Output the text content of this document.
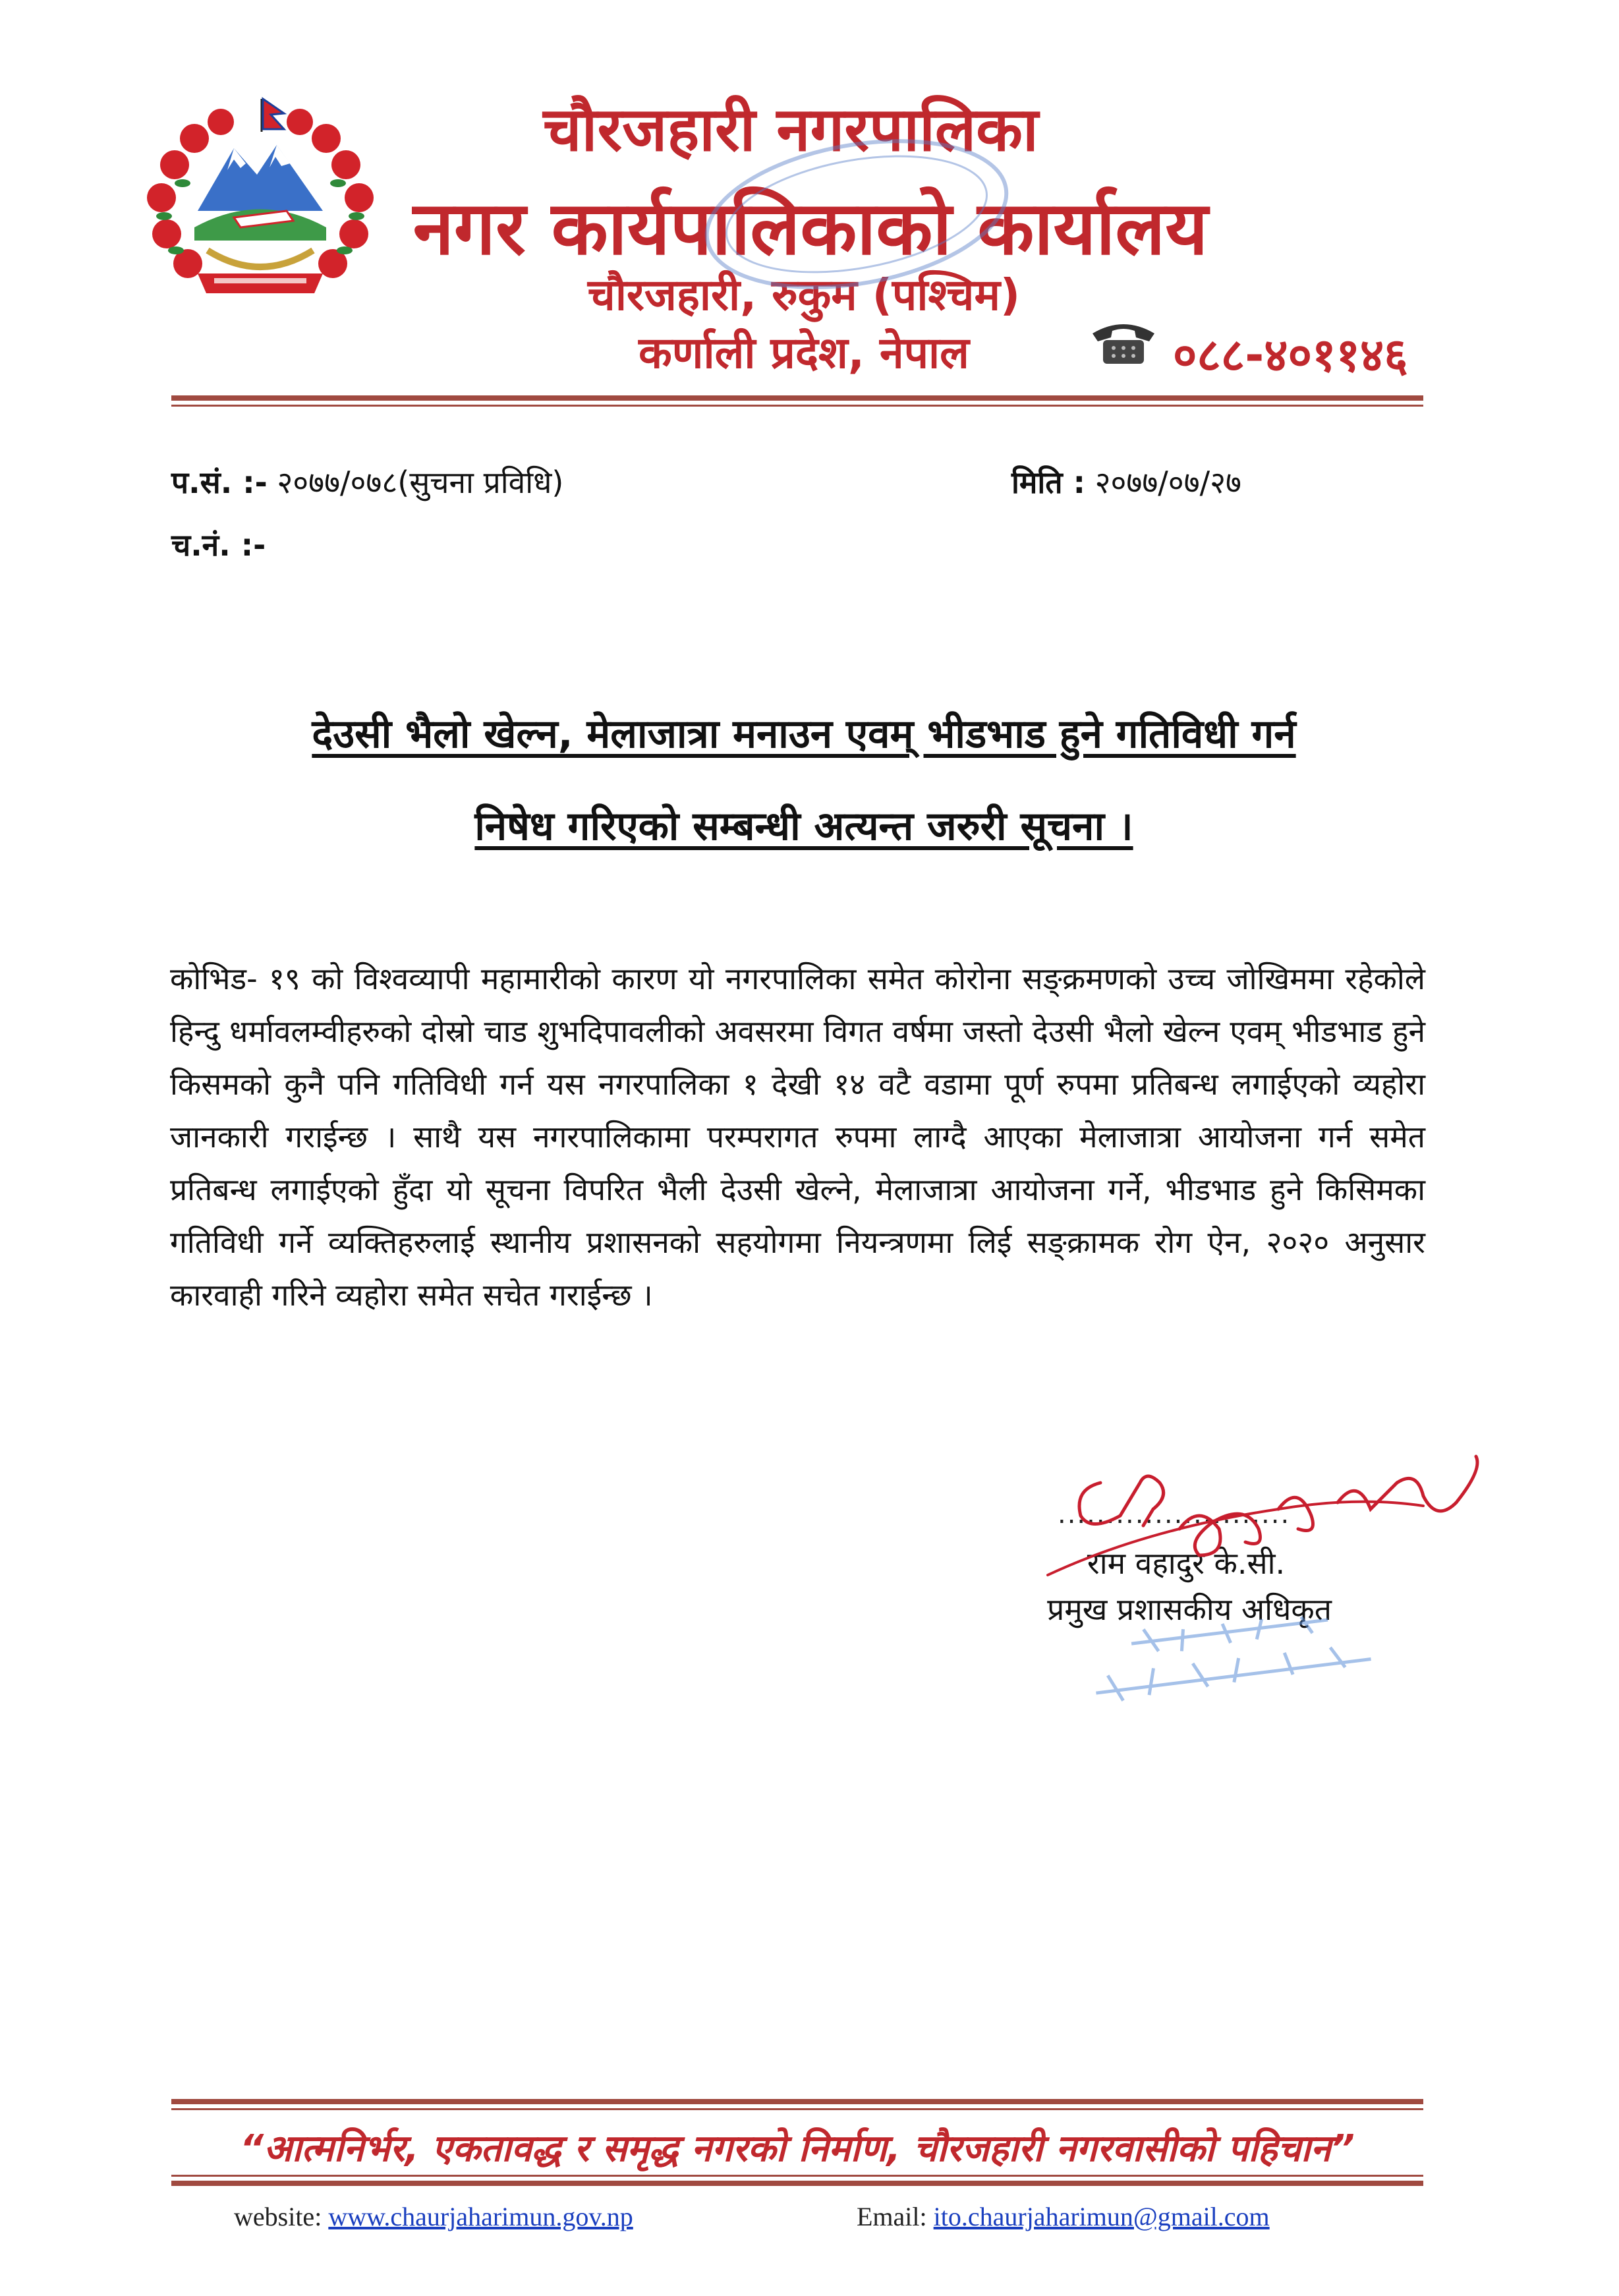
चौरजहारी नगरपालिका
नगर कार्यपालिकाको कार्यालय
चौरजहारी, रुकुम (पश्चिम)
कर्णाली प्रदेश, नेपाल	०८८-४०११४६
प.सं. :- २०७७/०७८(सुचना प्रविधि)	मिति : २०७७/०७/२७
च.नं. :-
देउसी भैलो खेल्न, मेलाजात्रा मनाउन एवम् भीडभाड हुने गतिविधी गर्न
निषेध गरिएको सम्बन्धी अत्यन्त जरुरी सूचना ।
कोभिड- १९ को विश्वव्यापी महामारीको कारण यो नगरपालिका समेत कोरोना सङ्क्रमणको उच्च जोखिममा रहेकोले हिन्दु धर्मावलम्वीहरुको दोस्रो चाड शुभदिपावलीको अवसरमा विगत वर्षमा जस्तो देउसी भैलो खेल्न एवम् भीडभाड हुने किसमको कुनै पनि गतिविधी गर्न यस नगरपालिका १ देखी १४ वटै वडामा पूर्ण रुपमा प्रतिबन्ध लगाईएको व्यहोरा जानकारी गराईन्छ । साथै यस नगरपालिकामा परम्परागत रुपमा लाग्दै आएका मेलाजात्रा आयोजना गर्न समेत प्रतिबन्ध लगाईएको हुँदा यो सूचना विपरित भैली देउसी खेल्ने, मेलाजात्रा आयोजना गर्ने, भीडभाड हुने किसिमका गतिविधी गर्ने व्यक्तिहरुलाई स्थानीय प्रशासनको सहयोगमा नियन्त्रणमा लिई सङ्क्रामक रोग ऐन, २०२० अनुसार कारवाही गरिने व्यहोरा समेत सचेत गराईन्छ ।
........................
राम वहादुर के.सी.
प्रमुख प्रशासकीय अधिकृत
“आत्मनिर्भर, एकतावद्ध र समृद्ध नगरको निर्माण, चौरजहारी नगरवासीको पहिचान”
website: www.chaurjaharimun.gov.np	Email: ito.chaurjaharimun@gmail.com
